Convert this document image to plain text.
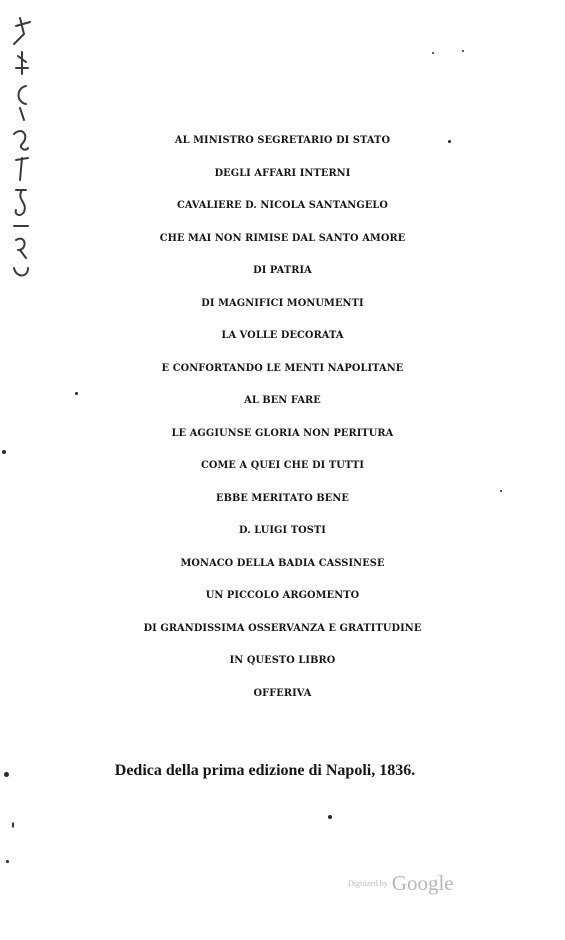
AL MINISTRO SEGRETARIO DI STATO
DEGLI AFFARI INTERNI
CAVALIERE D. NICOLA SANTANGELO
CHE MAI NON RIMISE DAL SANTO AMORE
DI PATRIA
DI MAGNIFICI MONUMENTI
LA VOLLE DECORATA
E CONFORTANDO LE MENTI NAPOLITANE
AL BEN FARE
LE AGGIUNSE GLORIA NON PERITURA
COME A QUEI CHE DI TUTTI
EBBE MERITATO BENE
D. LUIGI TOSTI
MONACO DELLA BADIA CASSINESE
UN PICCOLO ARGOMENTO
DI GRANDISSIMA OSSERVANZA E GRATITUDINE
IN QUESTO LIBRO
OFFERIVA
Dedica della prima edizione di Napoli, 1836.
Digitized by Google
